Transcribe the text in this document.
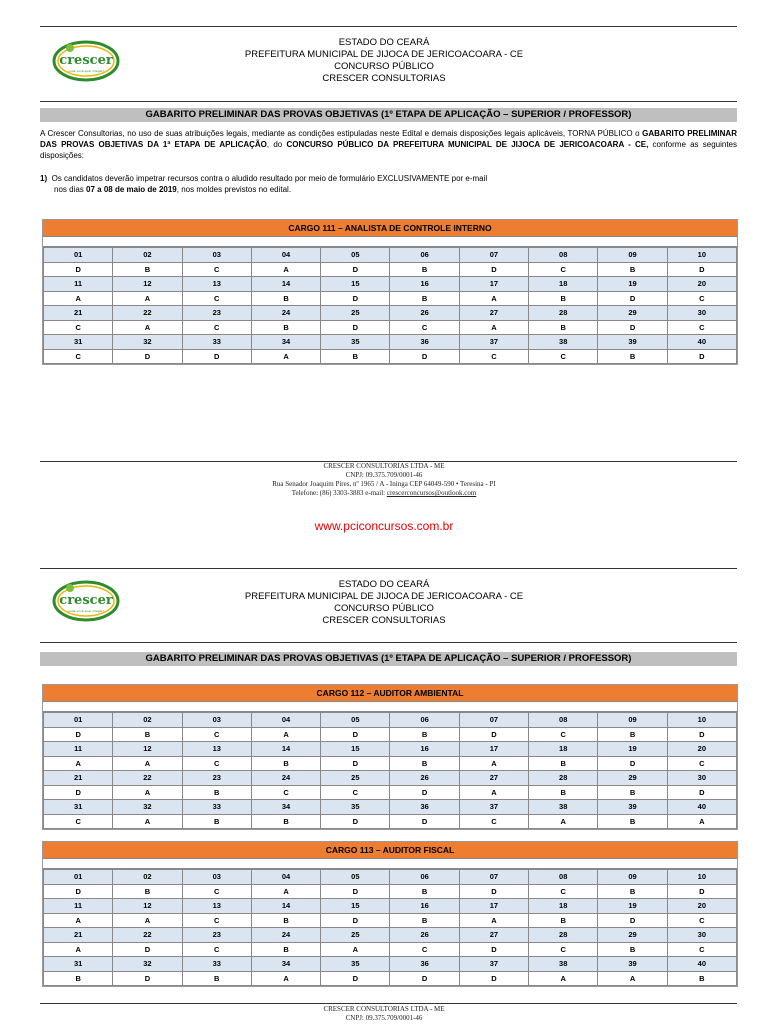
crescer
onde você quer chegar!
ESTADO DO CEARÁ
PREFEITURA MUNICIPAL DE JIJOCA DE JERICOACOARA - CE
CONCURSO PÚBLICO
CRESCER CONSULTORIAS
GABARITO PRELIMINAR DAS PROVAS OBJETIVAS (1º ETAPA DE APLICAÇÃO – SUPERIOR / PROFESSOR)
A Crescer Consultorias, no uso de suas atribuições legais, mediante as condições estipuladas neste Edital e demais disposições legais aplicáveis, TORNA PÚBLICO o GABARITO PRELIMINAR DAS PROVAS OBJETIVAS DA 1ª ETAPA DE APLICAÇÃO, do CONCURSO PÚBLICO DA PREFEITURA MUNICIPAL DE JIJOCA DE JERICOACOARA - CE, conforme as seguintes disposições:
1) Os candidatos deverão impetrar recursos contra o aludido resultado por meio de formulário EXCLUSIVAMENTE por e-mail
nos dias 07 a 08 de maio de 2019, nos moldes previstos no edital.
CARGO 111 – ANALISTA DE CONTROLE INTERNO
01	02	03	04	05	06	07	08	09	10
D	B	C	A	D	B	D	C	B	D
11	12	13	14	15	16	17	18	19	20
A	A	C	B	D	B	A	B	D	C
21	22	23	24	25	26	27	28	29	30
C	A	C	B	D	C	A	B	D	C
31	32	33	34	35	36	37	38	39	40
C	D	D	A	B	D	C	C	B	D
CRESCER CONSULTORIAS LTDA - ME
CNPJ: 09.375.709/0001-46
Rua Senador Joaquim Pires, nº 1965 / A - Ininga CEP 64049-590 • Teresina - PI
Telefone: (86) 3303-3883 e-mail: crescerconcursos@outlook.com
www.pciconcursos.com.br
crescer
onde você quer chegar!
ESTADO DO CEARÁ
PREFEITURA MUNICIPAL DE JIJOCA DE JERICOACOARA - CE
CONCURSO PÚBLICO
CRESCER CONSULTORIAS
GABARITO PRELIMINAR DAS PROVAS OBJETIVAS (1º ETAPA DE APLICAÇÃO – SUPERIOR / PROFESSOR)
CARGO 112 – AUDITOR AMBIENTAL
01	02	03	04	05	06	07	08	09	10
D	B	C	A	D	B	D	C	B	D
11	12	13	14	15	16	17	18	19	20
A	A	C	B	D	B	A	B	D	C
21	22	23	24	25	26	27	28	29	30
D	A	B	C	C	D	A	B	B	D
31	32	33	34	35	36	37	38	39	40
C	A	B	B	D	D	C	A	B	A
CARGO 113 – AUDITOR FISCAL
01	02	03	04	05	06	07	08	09	10
D	B	C	A	D	B	D	C	B	D
11	12	13	14	15	16	17	18	19	20
A	A	C	B	D	B	A	B	D	C
21	22	23	24	25	26	27	28	29	30
A	D	C	B	A	C	D	C	B	C
31	32	33	34	35	36	37	38	39	40
B	D	B	A	D	D	D	A	A	B
CRESCER CONSULTORIAS LTDA - ME
CNPJ: 09.375.709/0001-46
